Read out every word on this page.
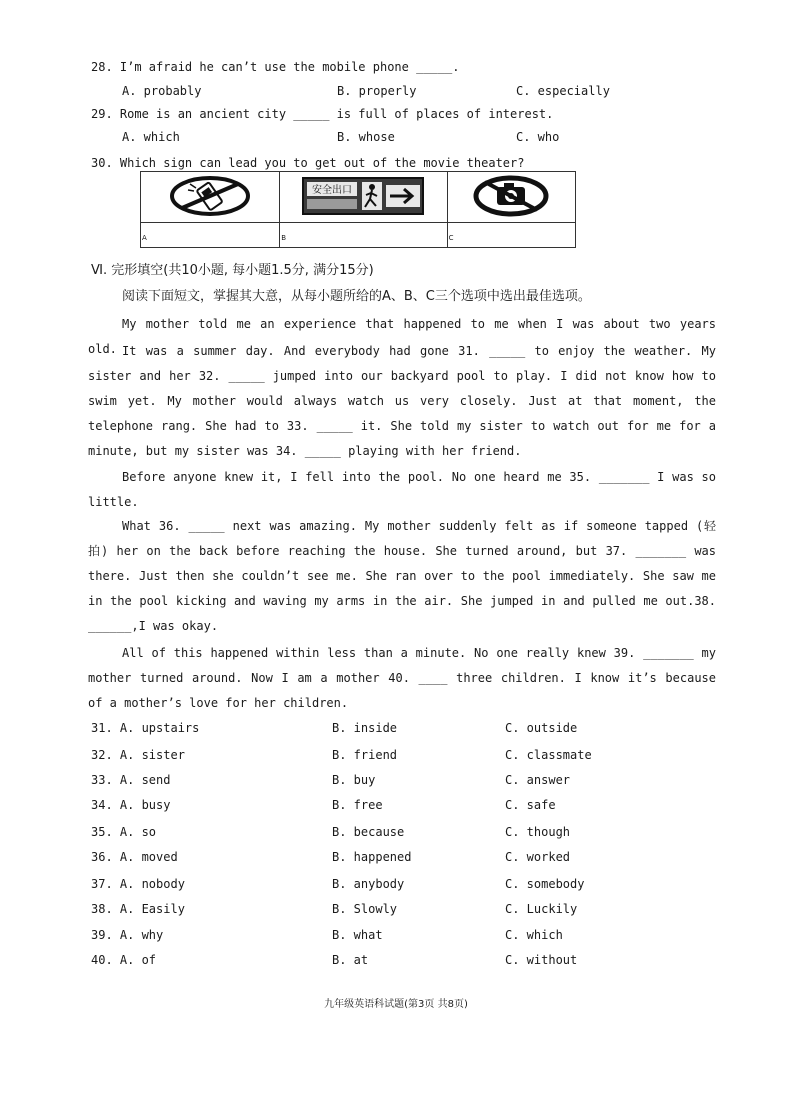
28. I’m afraid he can’t use the mobile phone _____.
A. probably	B. properly	C. especially
29. Rome is an ancient city _____ is full of places of interest.
A. which	B. whose	C. who
30. Which sign can lead you to get out of the movie theater?

安全出口

A	B	C
Ⅵ. 完形填空(共10小题, 每小题1.5分, 满分15分)
阅读下面短文，掌握其大意，从每小题所给的A、B、C三个选项中选出最佳选项。
My mother told me an experience that happened to me when I was about two years old. It was a summer day. And everybody had gone 31. _____ to enjoy the weather. My sister and her 32. _____ jumped into our backyard pool to play. I did not know how to swim yet. My mother would always watch us very closely. Just at that moment, the telephone rang. She had to 33. _____ it. She told my sister to watch out for me for a minute, but my sister was 34. _____ playing with her friend.
Before anyone knew it, I fell into the pool. No one heard me 35. _______ I was so little.
What 36. _____ next was amazing. My mother suddenly felt as if someone tapped (轻拍) her on the back before reaching the house. She turned around, but 37. _______ was there. Just then she couldn’t see me. She ran over to the pool immediately. She saw me in the pool kicking and waving my arms in the air. She jumped in and pulled me out.38. ______,I was okay.
All of this happened within less than a minute. No one really knew 39. _______ my mother turned around. Now I am a mother 40. ____ three children. I know it’s because of a mother’s love for her children.
31. A. upstairs	B. inside	C. outside
32. A. sister	B. friend	C. classmate
33. A. send	B. buy	C. answer
34. A. busy	B. free	C. safe
35. A. so	B. because	C. though
36. A. moved	B. happened	C. worked
37. A. nobody	B. anybody	C. somebody
38. A. Easily	B. Slowly	C. Luckily
39. A. why	B. what	C. which
40. A. of	B. at	C. without
九年级英语科试题(第3页 共8页)
